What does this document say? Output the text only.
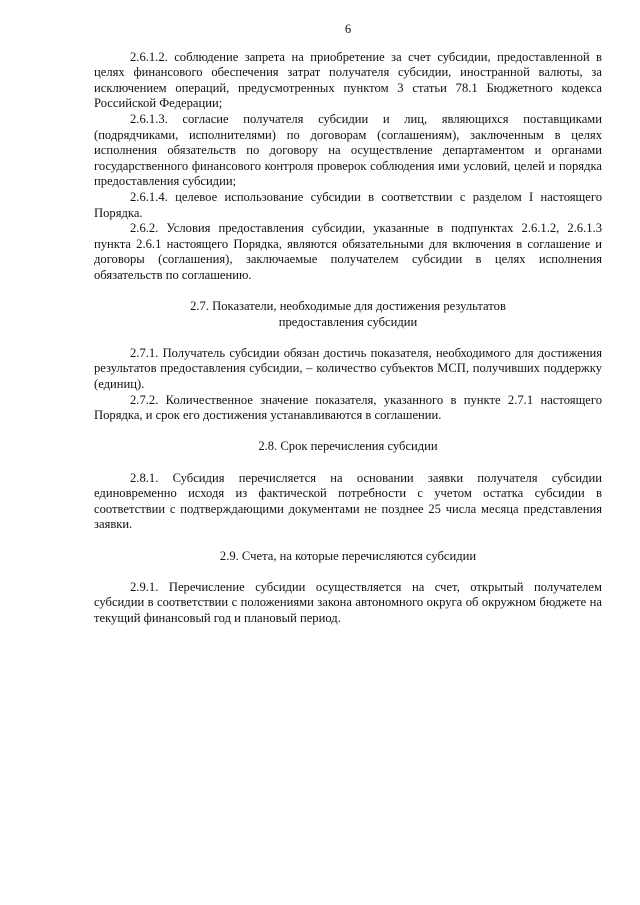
6

2.6.1.2. соблюдение запрета на приобретение за счет субсидии, предоставленной в целях финансового обеспечения затрат получателя субсидии, иностранной валюты, за исключением операций, предусмотренных пунктом 3 статьи 78.1 Бюджетного кодекса Российской Федерации;

2.6.1.3. согласие получателя субсидии и лиц, являющихся поставщиками (подрядчиками, исполнителями) по договорам (соглашениям), заключенным в целях исполнения обязательств по договору на осуществление департаментом и органами государственного финансового контроля проверок соблюдения ими условий, целей и порядка предоставления субсидии;

2.6.1.4. целевое использование субсидии в соответствии с разделом I настоящего Порядка.

2.6.2. Условия предоставления субсидии, указанные в подпунктах 2.6.1.2, 2.6.1.3 пункта 2.6.1 настоящего Порядка, являются обязательными для включения в соглашение и договоры (соглашения), заключаемые получателем субсидии в целях исполнения обязательств по соглашению.

2.7. Показатели, необходимые для достижения результатов
предоставления субсидии

2.7.1. Получатель субсидии обязан достичь показателя, необходимого для достижения результатов предоставления субсидии, – количество субъектов МСП, получивших поддержку (единиц).

2.7.2. Количественное значение показателя, указанного в пункте 2.7.1 настоящего Порядка, и срок его достижения устанавливаются в соглашении.

2.8. Срок перечисления субсидии

2.8.1. Субсидия перечисляется на основании заявки получателя субсидии единовременно исходя из фактической потребности с учетом остатка субсидии в соответствии с подтверждающими документами не позднее 25 числа месяца представления заявки.

2.9. Счета, на которые перечисляются субсидии

2.9.1. Перечисление субсидии осуществляется на счет, открытый получателем субсидии в соответствии с положениями закона автономного округа об окружном бюджете на текущий финансовый год и плановый период.
